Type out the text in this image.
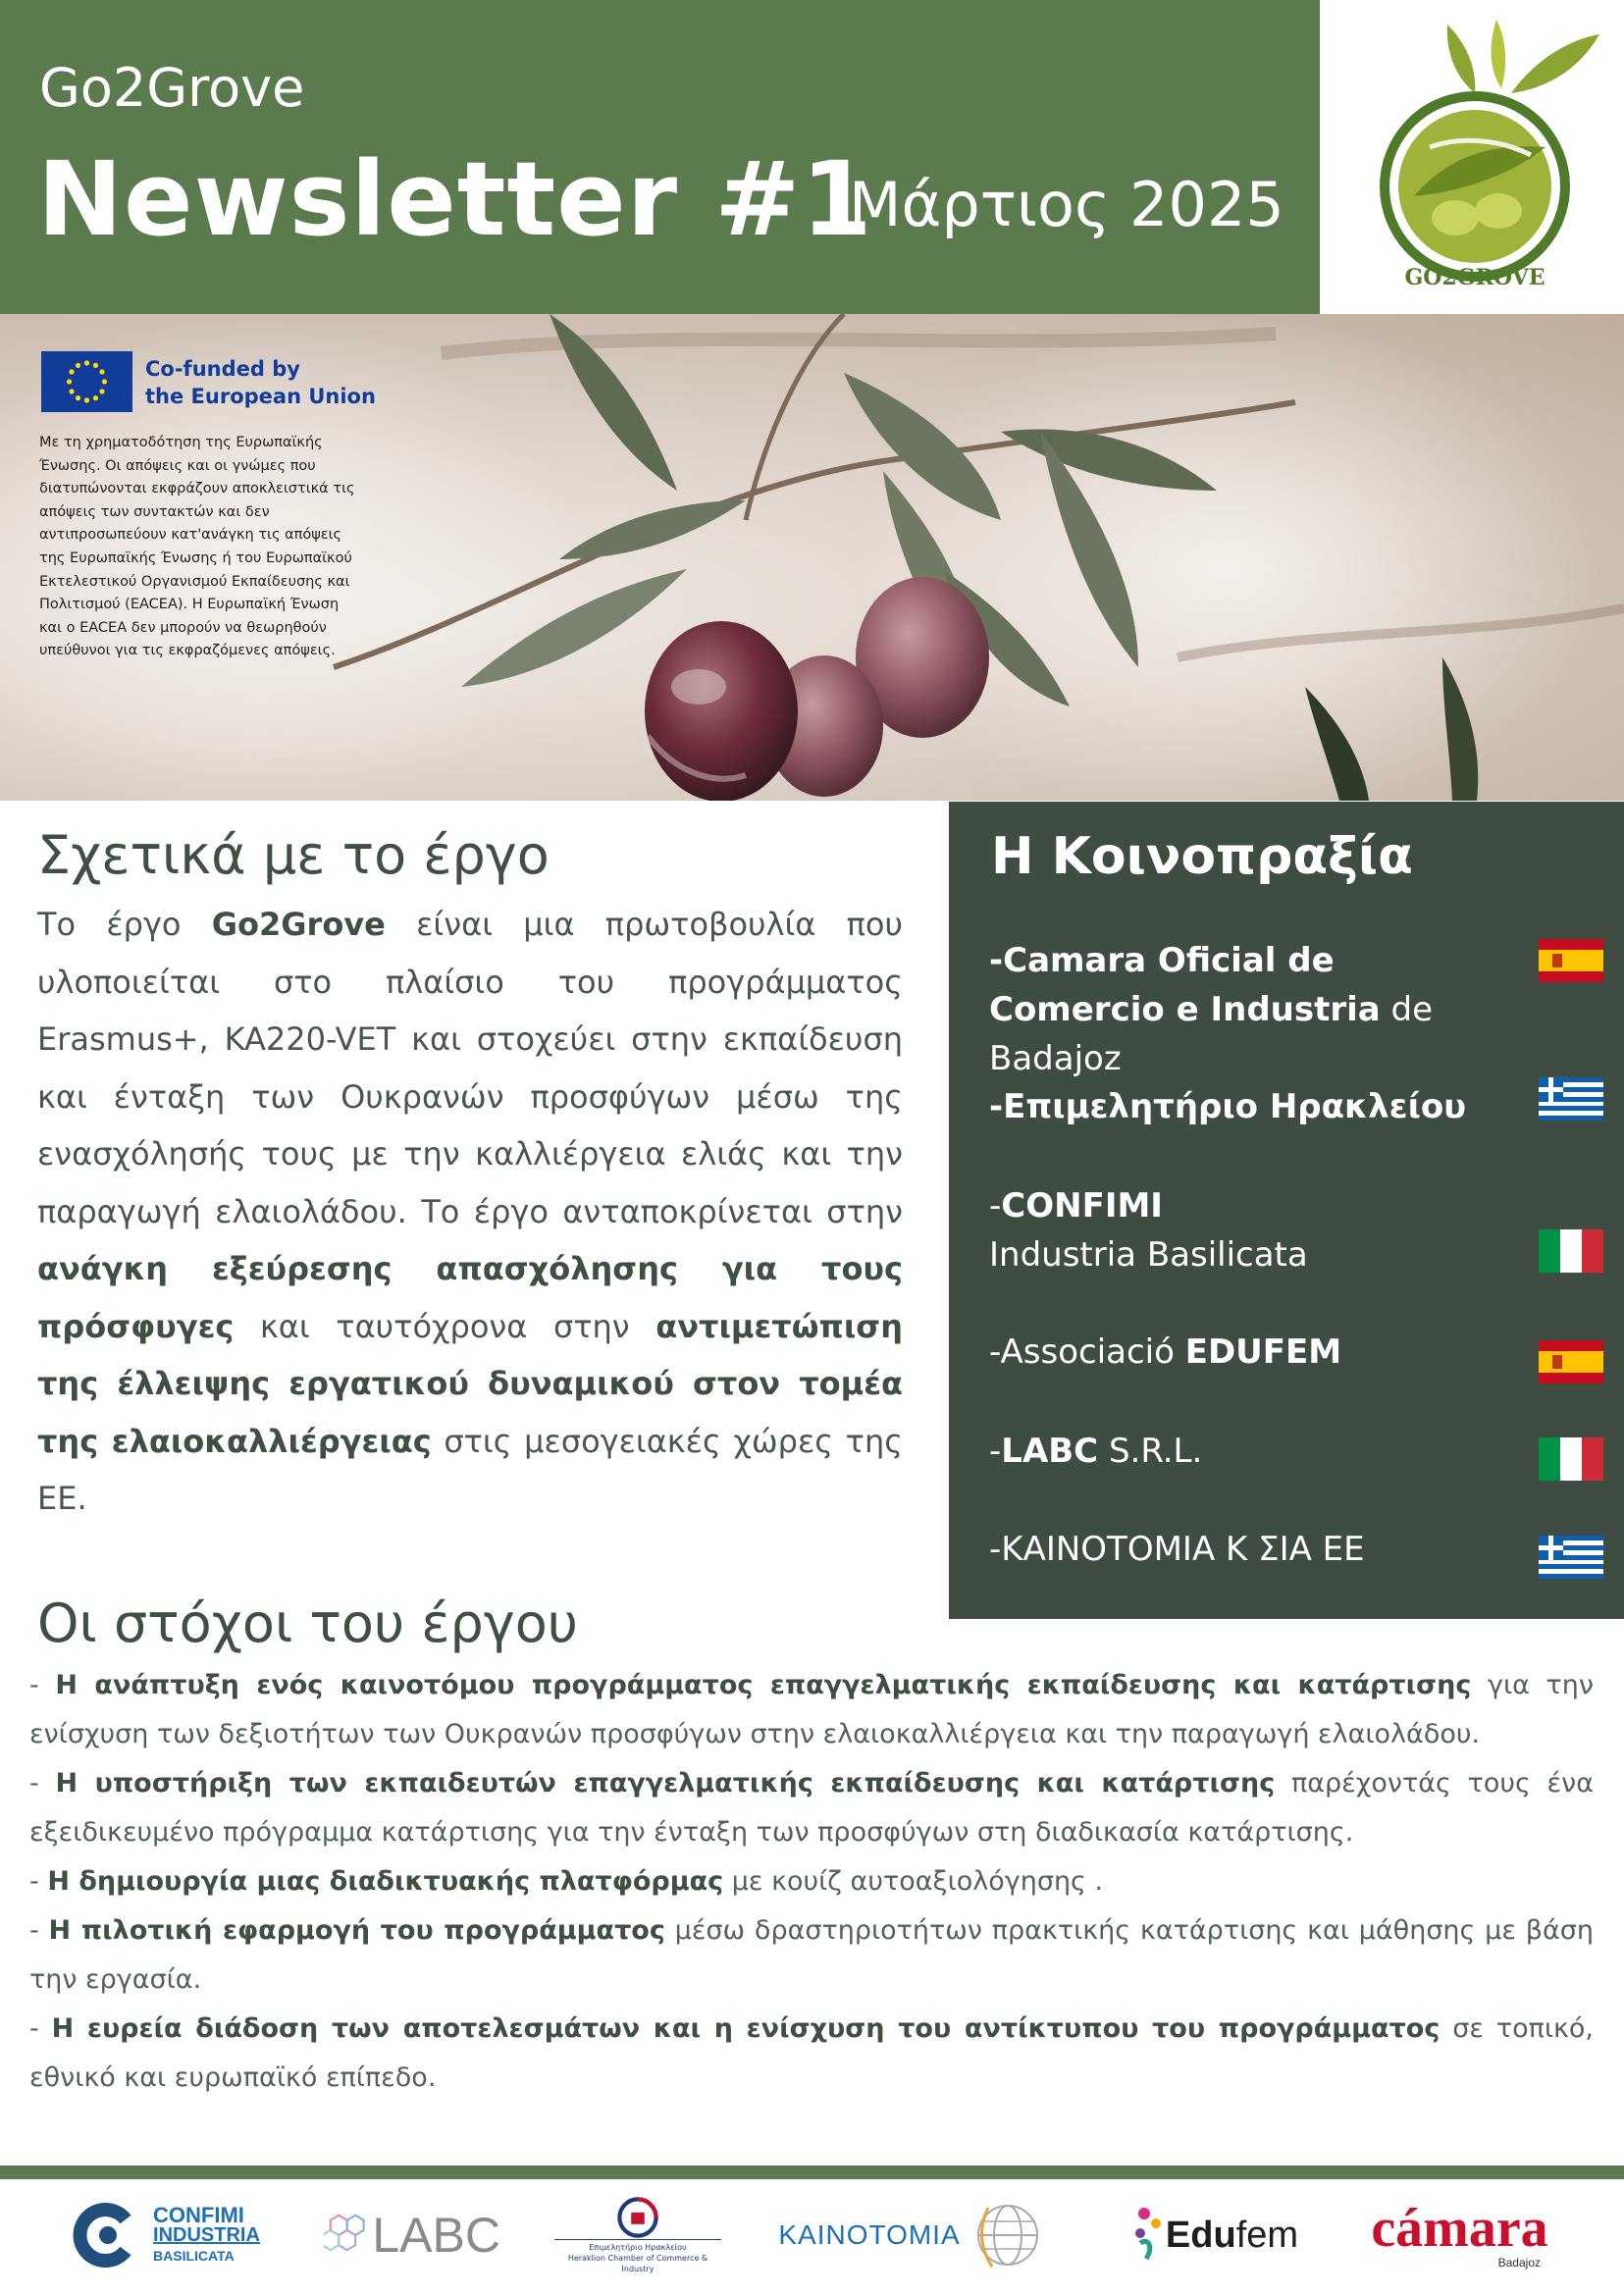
Go2Grove
Newsletter #1
Μάρτιος 2025
GO2GROVE
Co-funded by
the European Union
Με τη χρηματοδότηση της Ευρωπαϊκής Ένωσης. Οι απόψεις και οι γνώμες που διατυπώνονται εκφράζουν αποκλειστικά τις απόψεις των συντακτών και δεν αντιπροσωπεύουν κατ'ανάγκη τις απόψεις της Ευρωπαϊκής Ένωσης ή του Ευρωπαϊκού Εκτελεστικού Οργανισμού Εκπαίδευσης και Πολιτισμού (EACEA). Η Ευρωπαϊκή Ένωση και ο EACEA δεν μπορούν να θεωρηθούν υπεύθυνοι για τις εκφραζόμενες απόψεις.
Σχετικά με το έργο
Το έργο Go2Grove είναι μια πρωτοβουλία που υλοποιείται στο πλαίσιο του προγράμματος Erasmus+, KA220-VET και στοχεύει στην εκπαίδευση και ένταξη των Ουκρανών προσφύγων μέσω της ενασχόλησής τους με την καλλιέργεια ελιάς και την παραγωγή ελαιολάδου. Το έργο ανταποκρίνεται στην ανάγκη εξεύρεσης απασχόλησης για τους πρόσφυγες και ταυτόχρονα στην αντιμετώπιση της έλλειψης εργατικού δυναμικού στον τομέα της ελαιοκαλλιέργειας στις μεσογειακές χώρες της ΕΕ.
Η Κοινοπραξία
-Camara Oficial de Comercio e Industria de Badajoz
-Επιμελητήριο Ηρακλείου
-CONFIMI
Industria Basilicata
-Associació EDUFEM
-LABC S.R.L.
-ΚΑΙΝΟΤΟΜΙΑ Κ ΣΙΑ ΕΕ
Οι στόχοι του έργου
- Η ανάπτυξη ενός καινοτόμου προγράμματος επαγγελματικής εκπαίδευσης και κατάρτισης για την ενίσχυση των δεξιοτήτων των Ουκρανών προσφύγων στην ελαιοκαλλιέργεια και την παραγωγή ελαιολάδου.
- Η υποστήριξη των εκπαιδευτών επαγγελματικής εκπαίδευσης και κατάρτισης παρέχοντάς τους ένα εξειδικευμένο πρόγραμμα κατάρτισης για την ένταξη των προσφύγων στη διαδικασία κατάρτισης.
- Η δημιουργία μιας διαδικτυακής πλατφόρμας με κουίζ αυτοαξιολόγησης .
- Η πιλοτική εφαρμογή του προγράμματος μέσω δραστηριοτήτων πρακτικής κατάρτισης και μάθησης με βάση την εργασία.
- Η ευρεία διάδοση των αποτελεσμάτων και η ενίσχυση του αντίκτυπου του προγράμματος σε τοπικό, εθνικό και ευρωπαϊκό επίπεδο.
CONFIMI
INDUSTRIA
BASILICATA	LABC	Επιμελητήριο Ηρακλείου
Heraklion Chamber of Commerce & Industry
KAINOTOMIA	Edu fem cámara
Badajoz
